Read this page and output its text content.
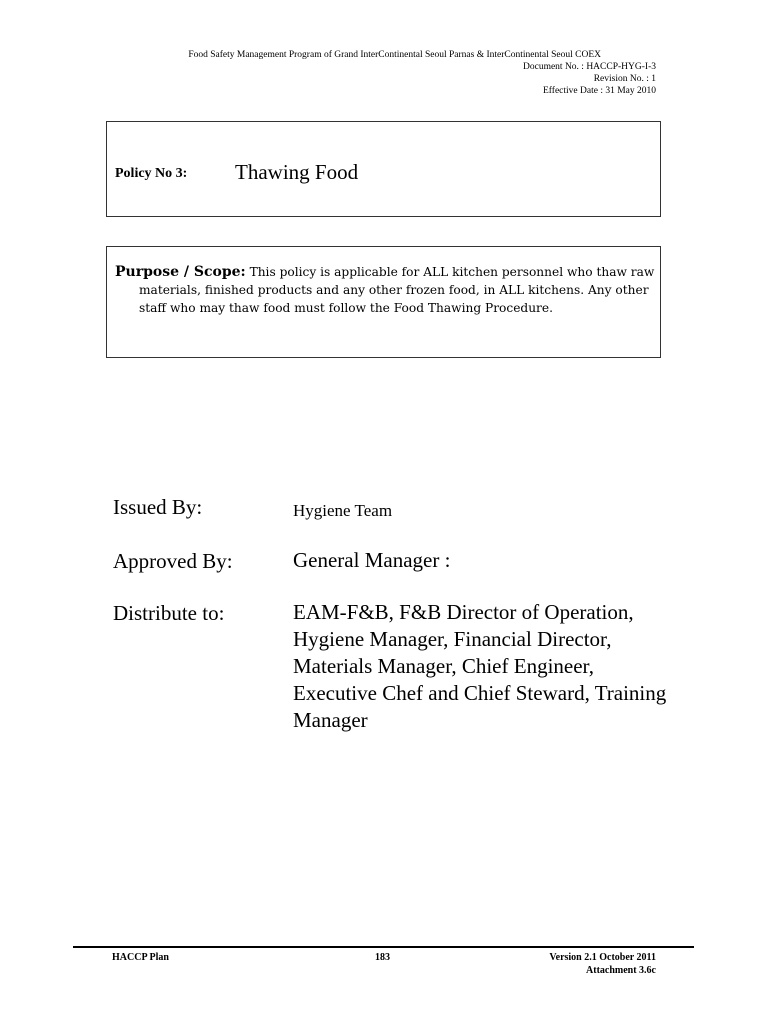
Food Safety Management Program of Grand InterContinental Seoul Parnas & InterContinental Seoul COEX
Document No. : HACCP-HYG-I-3
Revision No. : 1
Effective Date : 31 May 2010
Policy No 3: Thawing Food
Purpose / Scope: This policy is applicable for ALL kitchen personnel who thaw raw materials, finished products and any other frozen food, in ALL kitchens. Any other staff who may thaw food must follow the Food Thawing Procedure.
Issued By:	Hygiene Team
Approved By:	General Manager :
Distribute to:	EAM-F&B, F&B Director of Operation, Hygiene Manager, Financial Director, Materials Manager, Chief Engineer, Executive Chef and Chief Steward, Training Manager
HACCP Plan	183	Version 2.1 October 2011
Attachment 3.6c
